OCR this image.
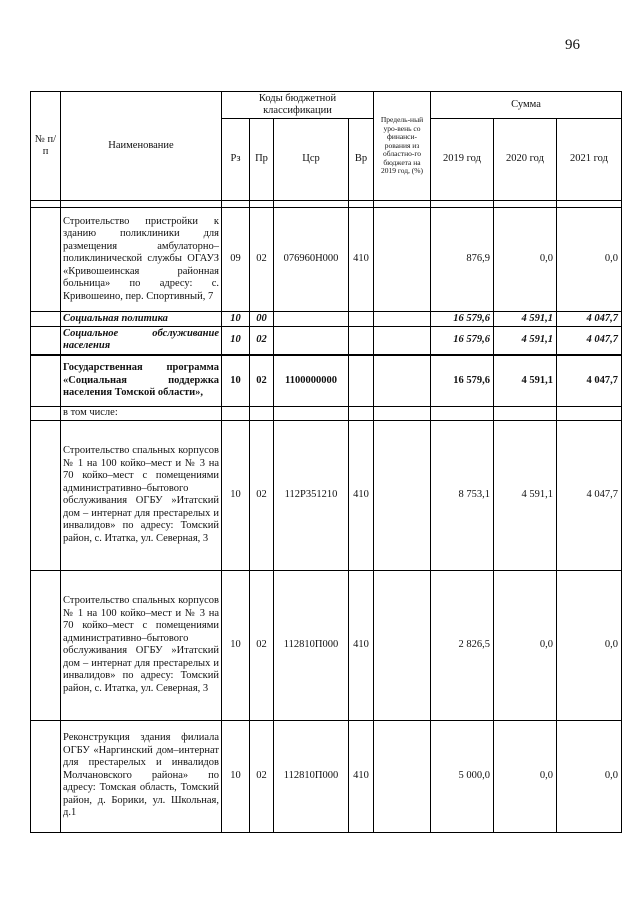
96
№ п/п	Наименование	Коды бюджетной классификации				Предель-ный уро-вень со финанси-рования из областно-го бюджета на 2019 год, (%)	Сумма		
		Рз	Пр	Цср	Вр		2019 год	2020 год	2021 год

	Строительство пристройки к зданию поликлиники для размещения амбулаторно–поликлинической службы ОГАУЗ «Кривошеинская районная больница» по адресу: с. Кривошеино, пер. Спортивный, 7	09	02	076960Н000	410		876,9	0,0	0,0
	Социальная политика	10	00				16 579,6	4 591,1	4 047,7
	Социальное обслуживание населения	10	02				16 579,6	4 591,1	4 047,7
	Государственная программа «Социальная поддержка населения Томской области»,	10	02	1100000000			16 579,6	4 591,1	4 047,7
	в том числе:								
	Строительство спальных корпусов № 1 на 100 койко–мест и № 3 на 70 койко–мест с помещениями административно–бытового обслуживания ОГБУ »Итатский дом – интернат для престарелых и инвалидов» по адресу: Томский район, с. Итатка, ул. Северная, 3	10	02	112Р351210	410		8 753,1	4 591,1	4 047,7
	Строительство спальных корпусов № 1 на 100 койко–мест и № 3 на 70 койко–мест с помещениями административно–бытового обслуживания ОГБУ »Итатский дом – интернат для престарелых и инвалидов» по адресу: Томский район, с. Итатка, ул. Северная, 3	10	02	112810П000	410		2 826,5	0,0	0,0
	Реконструкция здания филиала ОГБУ «Наргинский дом–интернат для престарелых и инвалидов Молчановского района» по адресу: Томская область, Томский район, д. Борики, ул. Школьная, д.1	10	02	112810П000	410		5 000,0	0,0	0,0
